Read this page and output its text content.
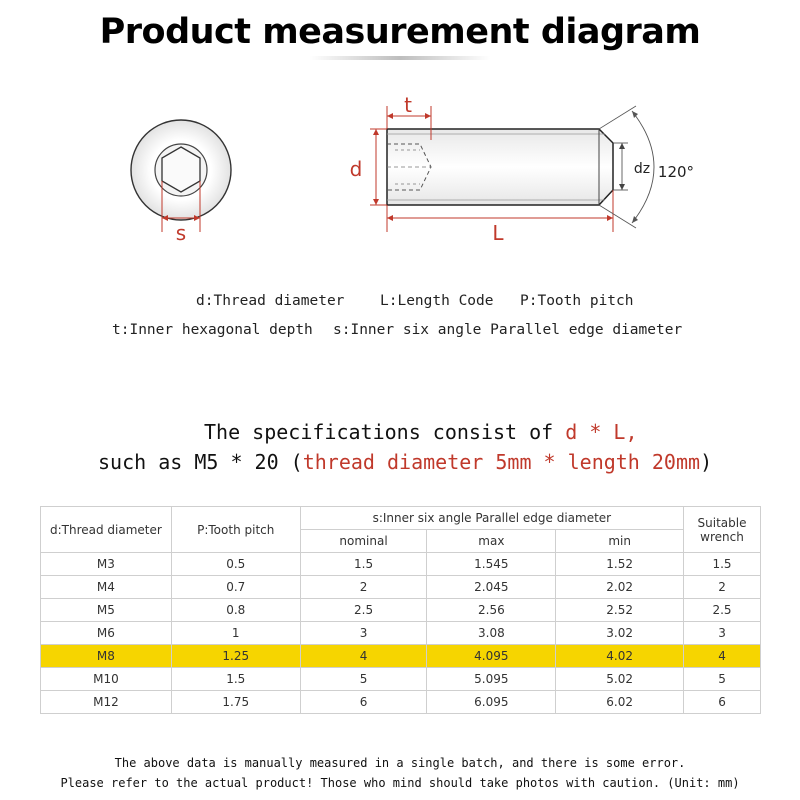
Product measurement diagram
s
t
d
L
dz 120°
d:Thread diameter L:Length Code P:Tooth pitch
t:Inner hexagonal depth s:Inner six angle Parallel edge diameter
The specifications consist of d * L,
such as M5 * 20 (thread diameter 5mm * length 20mm)
d:Thread diameter	P:Tooth pitch	s:Inner six angle Parallel edge diameter			Suitable
wrench

		nominal	max	min	
M3	0.5	1.5	1.545	1.52	1.5
M4	0.7	2	2.045	2.02	2
M5	0.8	2.5	2.56	2.52	2.5
M6	1	3	3.08	3.02	3
M8	1.25	4	4.095	4.02	4
M10	1.5	5	5.095	5.02	5
M12	1.75	6	6.095	6.02	6
The above data is manually measured in a single batch, and there is some error.
Please refer to the actual product! Those who mind should take photos with caution. (Unit: mm)
